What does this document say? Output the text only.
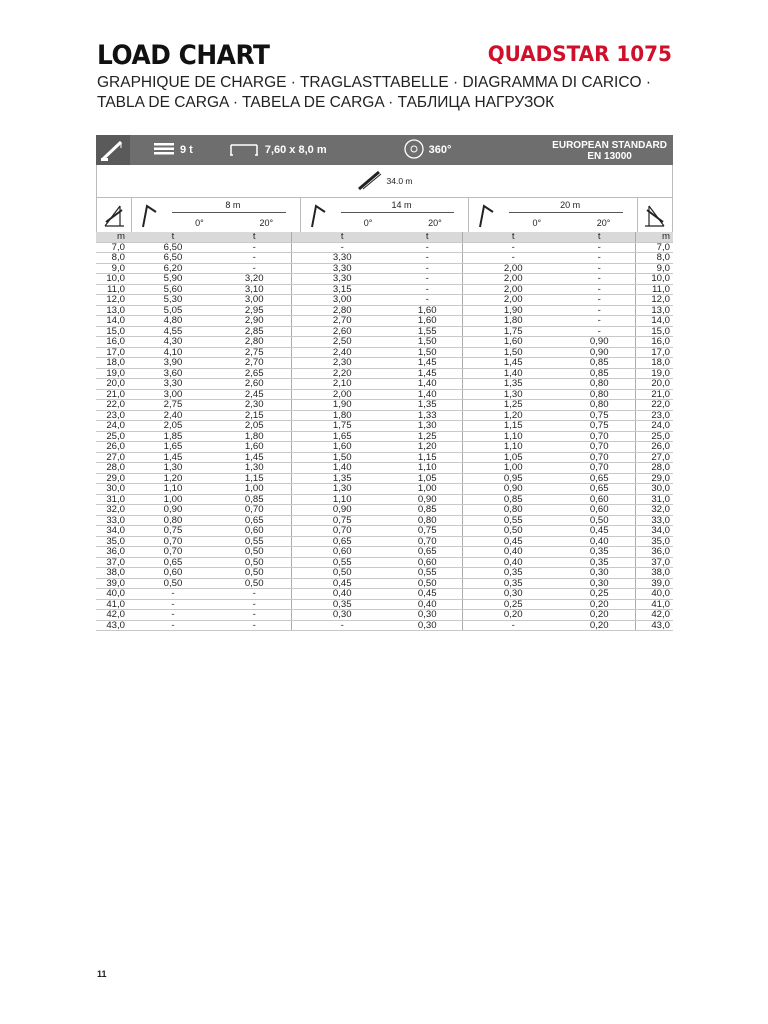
LOAD CHART	QUADSTAR 1075
GRAPHIQUE DE CHARGE · TRAGLASTTABELLE · DIAGRAMMA DI CARICO ·
TABLA DE CARGA · TABELA DE CARGA · ТАБЛИЦА НАГРУЗОК
9 t	7,60 x 8,0 m	360°	EUROPEAN STANDARD
EN 13000
34.0 m
8 m
0°	20°
14 m
0°	20°
20 m
0°	20°
m	t	t	t	t	t	t	m
7,0	6,50	-	-	-	-	-	7,0
8,0	6,50	-	3,30	-	-	-	8,0
9,0	6,20	-	3,30	-	2,00	-	9,0
10,0	5,90	3,20	3,30	-	2,00	-	10,0
11,0	5,60	3,10	3,15	-	2,00	-	11,0
12,0	5,30	3,00	3,00	-	2,00	-	12,0
13,0	5,05	2,95	2,80	1,60	1,90	-	13,0
14,0	4,80	2,90	2,70	1,60	1,80	-	14,0
15,0	4,55	2,85	2,60	1,55	1,75	-	15,0
16,0	4,30	2,80	2,50	1,50	1,60	0,90	16,0
17,0	4,10	2,75	2,40	1,50	1,50	0,90	17,0
18,0	3,90	2,70	2,30	1,45	1,45	0,85	18,0
19,0	3,60	2,65	2,20	1,45	1,40	0,85	19,0
20,0	3,30	2,60	2,10	1,40	1,35	0,80	20,0
21,0	3,00	2,45	2,00	1,40	1,30	0,80	21,0
22,0	2,75	2,30	1,90	1,35	1,25	0,80	22,0
23,0	2,40	2,15	1,80	1,33	1,20	0,75	23,0
24,0	2,05	2,05	1,75	1,30	1,15	0,75	24,0
25,0	1,85	1,80	1,65	1,25	1,10	0,70	25,0
26,0	1,65	1,60	1,60	1,20	1,10	0,70	26,0
27,0	1,45	1,45	1,50	1,15	1,05	0,70	27,0
28,0	1,30	1,30	1,40	1,10	1,00	0,70	28,0
29,0	1,20	1,15	1,35	1,05	0,95	0,65	29,0
30,0	1,10	1,00	1,30	1,00	0,90	0,65	30,0
31,0	1,00	0,85	1,10	0,90	0,85	0,60	31,0
32,0	0,90	0,70	0,90	0,85	0,80	0,60	32,0
33,0	0,80	0,65	0,75	0,80	0,55	0,50	33,0
34,0	0,75	0,60	0,70	0,75	0,50	0,45	34,0
35,0	0,70	0,55	0,65	0,70	0,45	0,40	35,0
36,0	0,70	0,50	0,60	0,65	0,40	0,35	36,0
37,0	0,65	0,50	0,55	0,60	0,40	0,35	37,0
38,0	0,60	0,50	0,50	0,55	0,35	0,30	38,0
39,0	0,50	0,50	0,45	0,50	0,35	0,30	39,0
40,0	-	-	0,40	0,45	0,30	0,25	40,0
41,0	-	-	0,35	0,40	0,25	0,20	41,0
42,0	-	-	0,30	0,30	0,20	0,20	42,0
43,0	-	-	-	0,30	-	0,20	43,0
11
